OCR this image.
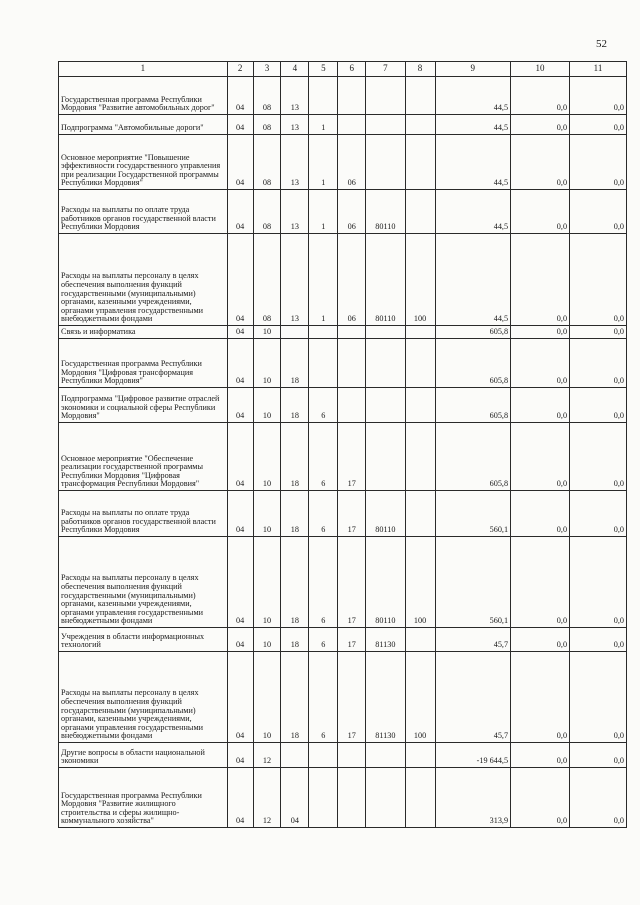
52
1	2	3	4	5	6	7	8	9	10	11
Государственная программа Республики Мордовия "Развитие автомобильных дорог"	04	08	13					44,5	0,0	0,0
Подпрограмма "Автомобильные дороги"	04	08	13	1				44,5	0,0	0,0
Основное мероприятие "Повышение эффективности государственного управления при реализации Государственной программы Республики Мордовия"	04	08	13	1	06			44,5	0,0	0,0
Расходы на выплаты по оплате труда работников органов государственной власти Республики Мордовия	04	08	13	1	06	80110		44,5	0,0	0,0
Расходы на выплаты персоналу в целях обеспечения выполнения функций государственными (муниципальными) органами, казенными учреждениями, органами управления государственными внебюджетными фондами	04	08	13	1	06	80110	100	44,5	0,0	0,0
Связь и информатика	04	10						605,8	0,0	0,0
Государственная программа Республики Мордовия "Цифровая трансформация Республики Мордовия"	04	10	18					605,8	0,0	0,0
Подпрограмма "Цифровое развитие отраслей экономики и социальной сферы Республики Мордовия"	04	10	18	6				605,8	0,0	0,0
Основное мероприятие "Обеспечение реализации государственной программы Республики Мордовия "Цифровая трансформация Республики Мордовия"	04	10	18	6	17			605,8	0,0	0,0
Расходы на выплаты по оплате труда работников органов государственной власти Республики Мордовия	04	10	18	6	17	80110		560,1	0,0	0,0
Расходы на выплаты персоналу в целях обеспечения выполнения функций государственными (муниципальными) органами, казенными учреждениями, органами управления государственными внебюджетными фондами	04	10	18	6	17	80110	100	560,1	0,0	0,0
Учреждения в области информационных технологий	04	10	18	6	17	81130		45,7	0,0	0,0
Расходы на выплаты персоналу в целях обеспечения выполнения функций государственными (муниципальными) органами, казенными учреждениями, органами управления государственными внебюджетными фондами	04	10	18	6	17	81130	100	45,7	0,0	0,0
Другие вопросы в области национальной экономики	04	12						-19 644,5	0,0	0,0
Государственная программа Республики Мордовия "Развитие жилищного строительства и сферы жилищно-коммунального хозяйства"	04	12	04					313,9	0,0	0,0
